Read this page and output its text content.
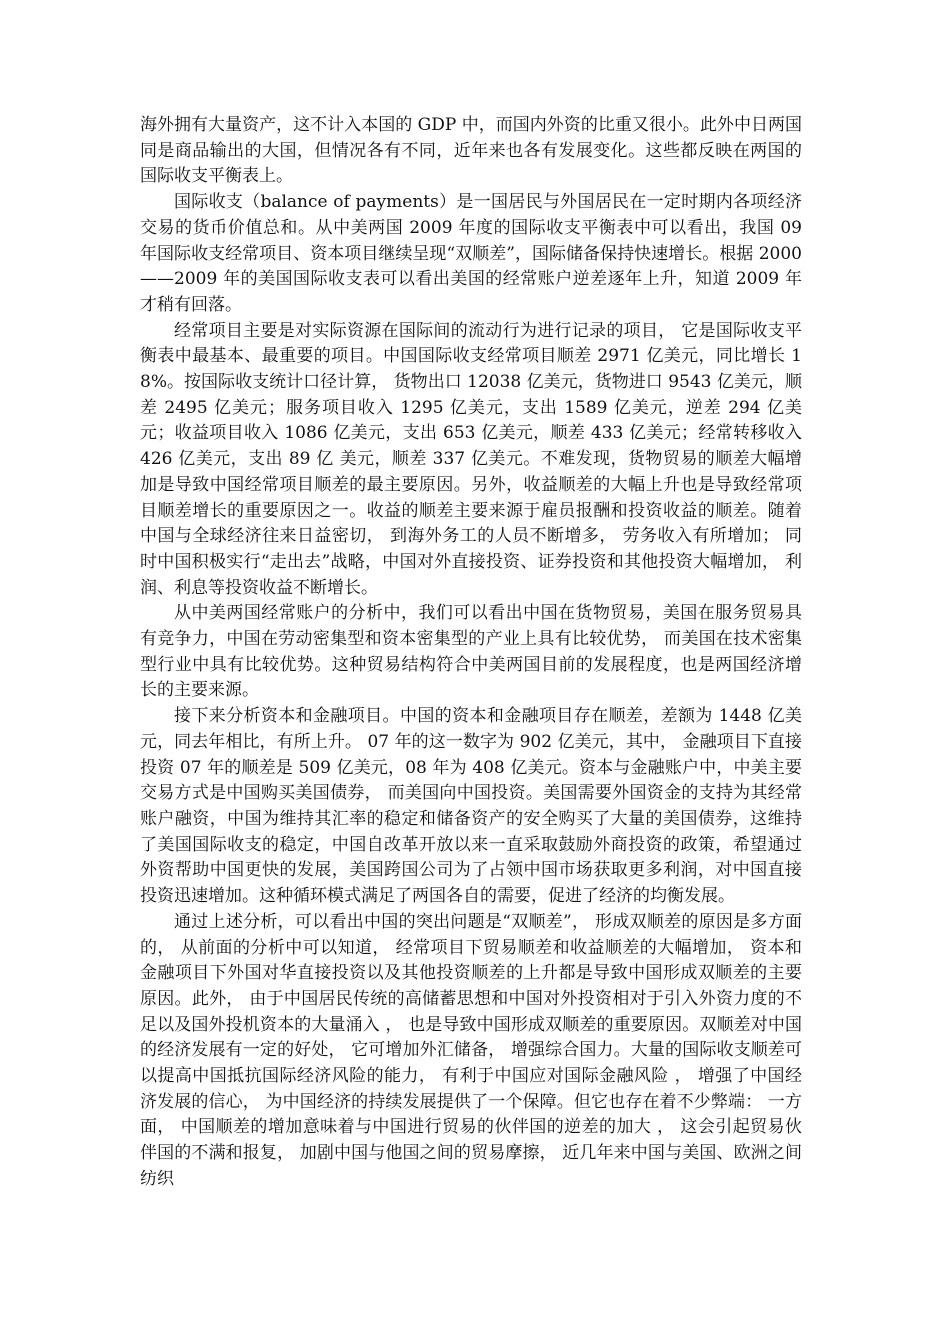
海外拥有大量资产，这不计入本国的 GDP 中，而国内外资的比重又很小。此外中日两国同是商品输出的大国，但情况各有不同，近年来也各有发展变化。这些都反映在两国的国际收支平衡表上。

国际收支（balance of payments）是一国居民与外国居民在一定时期内各项经济交易的货币价值总和。从中美两国 2009 年度的国际收支平衡表中可以看出，我国 09 年国际收支经常项目、资本项目继续呈现“双顺差”，国际储备保持快速增长。根据 2000——2009 年的美国国际收支表可以看出美国的经常账户逆差逐年上升，知道 2009 年才稍有回落。

经常项目主要是对实际资源在国际间的流动行为进行记录的项目， 它是国际收支平衡表中最基本、最重要的项目。中国国际收支经常项目顺差 2971 亿美元，同比增长 18%。按国际收支统计口径计算， 货物出口 12038 亿美元，货物进口 9543 亿美元，顺差 2495 亿美元；服务项目收入 1295 亿美元，支出 1589 亿美元，逆差 294 亿美元；收益项目收入 1086 亿美元，支出 653 亿美元，顺差 433 亿美元；经常转移收入 426 亿美元，支出 89 亿 美元，顺差 337 亿美元。不难发现，货物贸易的顺差大幅增加是导致中国经常项目顺差的最主要原因。另外，收益顺差的大幅上升也是导致经常项目顺差增长的重要原因之一。收益的顺差主要来源于雇员报酬和投资收益的顺差。随着中国与全球经济往来日益密切， 到海外务工的人员不断增多， 劳务收入有所增加； 同时中国积极实行“走出去”战略，中国对外直接投资、证券投资和其他投资大幅增加， 利润、利息等投资收益不断增长。

从中美两国经常账户的分析中，我们可以看出中国在货物贸易，美国在服务贸易具有竞争力，中国在劳动密集型和资本密集型的产业上具有比较优势， 而美国在技术密集型行业中具有比较优势。这种贸易结构符合中美两国目前的发展程度，也是两国经济增长的主要来源。

接下来分析资本和金融项目。中国的资本和金融项目存在顺差，差额为 1448 亿美元，同去年相比，有所上升。 07 年的这一数字为 902 亿美元，其中， 金融项目下直接投资 07 年的顺差是 509 亿美元，08 年为 408 亿美元。资本与金融账户中，中美主要交易方式是中国购买美国债券， 而美国向中国投资。美国需要外国资金的支持为其经常账户融资，中国为维持其汇率的稳定和储备资产的安全购买了大量的美国债券，这维持了美国国际收支的稳定，中国自改革开放以来一直采取鼓励外商投资的政策，希望通过外资帮助中国更快的发展，美国跨国公司为了占领中国市场获取更多利润，对中国直接投资迅速增加。这种循环模式满足了两国各自的需要，促进了经济的均衡发展。

通过上述分析，可以看出中国的突出问题是“双顺差”， 形成双顺差的原因是多方面的， 从前面的分析中可以知道， 经常项目下贸易顺差和收益顺差的大幅增加， 资本和金融项目下外国对华直接投资以及其他投资顺差的上升都是导致中国形成双顺差的主要原因。此外， 由于中国居民传统的高储蓄思想和中国对外投资相对于引入外资力度的不足以及国外投机资本的大量涌入 ， 也是导致中国形成双顺差的重要原因。双顺差对中国的经济发展有一定的好处， 它可增加外汇储备， 增强综合国力。大量的国际收支顺差可以提高中国抵抗国际经济风险的能力， 有利于中国应对国际金融风险 ， 增强了中国经济发展的信心， 为中国经济的持续发展提供了一个保障。但它也存在着不少弊端： 一方面， 中国顺差的增加意味着与中国进行贸易的伙伴国的逆差的加大 ， 这会引起贸易伙伴国的不满和报复， 加剧中国与他国之间的贸易摩擦， 近几年来中国与美国、欧洲之间纺织
